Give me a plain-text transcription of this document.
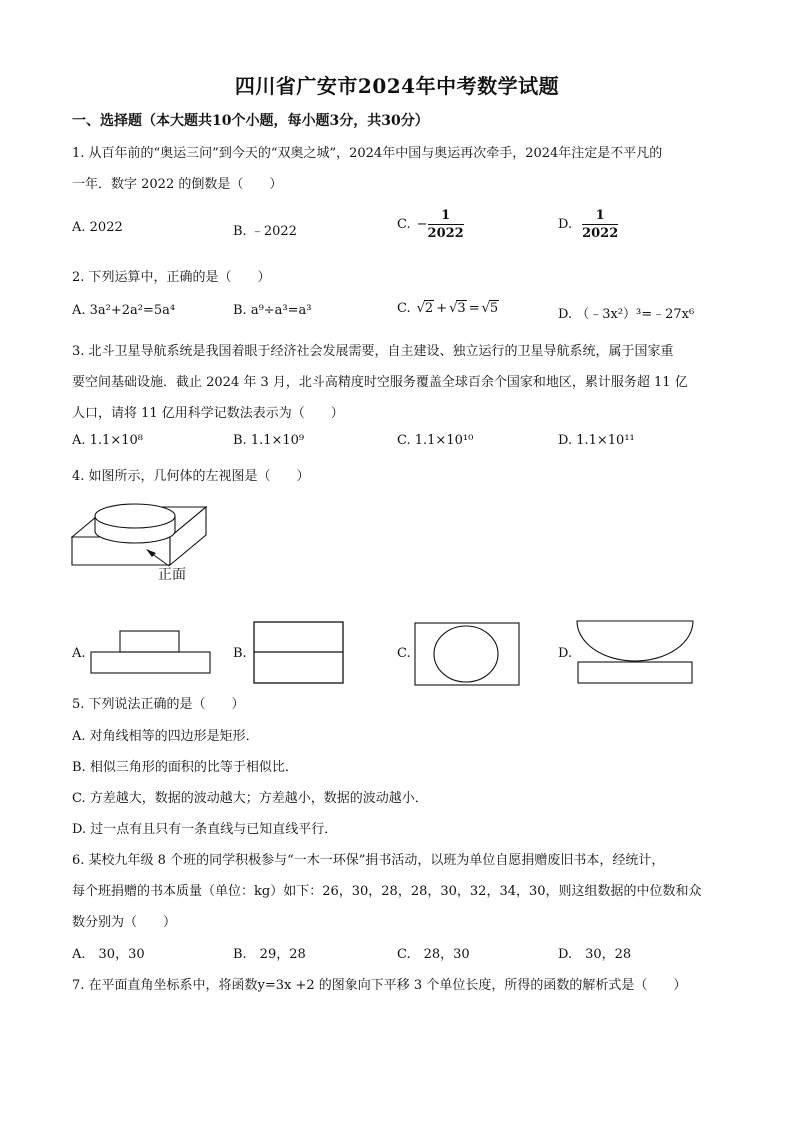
四川省广安市2024年中考数学试题
一、选择题（本大题共10个小题，每小题3分，共30分）
1. 从百年前的“奥运三问”到今天的“双奥之城”，2024年中国与奥运再次牵手，2024年注定是不平凡的
一年．数字 2022 的倒数是（　　）
A. 2022	B. ﹣2022	C. − $\frac{1}{2022}$	D. $\frac{1}{2022}$
2. 下列运算中，正确的是（　　）
A. 3a²+2a²=5a⁴	B. a⁹÷a³=a³	C. √2 + √3 = √5	D. （﹣3x²）³=﹣27x⁶
3. 北斗卫星导航系统是我国着眼于经济社会发展需要，自主建设、独立运行的卫星导航系统，属于国家重
要空间基础设施．截止 2024 年 3 月，北斗高精度时空服务覆盖全球百余个国家和地区，累计服务超 11 亿
人口，请将 11 亿用科学记数法表示为（　　）
A. 1.1×10⁸	B. 1.1×10⁹	C. 1.1×10¹⁰	D. 1.1×10¹¹
4. 如图所示，几何体的左视图是（　　）
正面
A.	B.	C.	D.
5. 下列说法正确的是（　　）
A. 对角线相等的四边形是矩形．
B. 相似三角形的面积的比等于相似比．
C. 方差越大，数据的波动越大；方差越小，数据的波动越小．
D. 过一点有且只有一条直线与已知直线平行．
6. 某校九年级 8 个班的同学积极参与“一木一环保”捐书活动，以班为单位自愿捐赠废旧书本，经统计，
每个班捐赠的书本质量（单位：kg）如下：26，30，28，28，30，32，34，30，则这组数据的中位数和众
数分别为（　　）
A.　30，30	B.　29，28	C.　28，30	D.　30，28
7. 在平面直角坐标系中，将函数y=3x +2 的图象向下平移 3 个单位长度，所得的函数的解析式是（　　）
